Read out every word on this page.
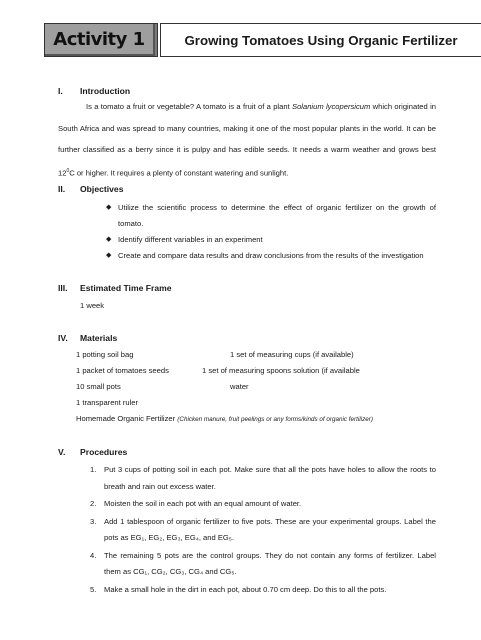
Activity 1	Growing Tomatoes Using Organic Fertilizer
I. Introduction

Is a tomato a fruit or vegetable? A tomato is a fruit of a plant Solanium lycopersicum which originated in South Africa and was spread to many countries, making it one of the most popular plants in the world. It can be further classified as a berry since it is pulpy and has edible seeds. It needs a warm weather and grows best $12^0C$ or higher. It requires a plenty of constant watering and sunlight.

II. Objectives
◆ Utilize the scientific process to determine the effect of organic fertilizer on the growth of tomato.
◆ Identify different variables in an experiment
◆ Create and compare data results and draw conclusions from the results of the investigation
III. Estimated Time Frame
1 week
IV. Materials
1 potting soil bag	1 set of measuring cups (if available)
1 packet of tomatoes seeds	1 set of measuring spoons solution (if available
10 small pots	water
1 transparent ruler
Homemade Organic Fertilizer (Chicken manure, fruit peelings or any forms/kinds of organic fertilizer)
V. Procedures
1. Put 3 cups of potting soil in each pot. Make sure that all the pots have holes to allow the roots to breath and rain out excess water.
2. Moisten the soil in each pot with an equal amount of water.
3. Add 1 tablespoon of organic fertilizer to five pots. These are your experimental groups. Label the pots as EG₁, EG₂, EG₃, EG₄, and EG₅.
4. The remaining 5 pots are the control groups. They do not contain any forms of fertilizer. Label them as CG₁, CG₂, CG₃, CG₄ and CG₅.
5. Make a small hole in the dirt in each pot, about 0.70 cm deep. Do this to all the pots.
